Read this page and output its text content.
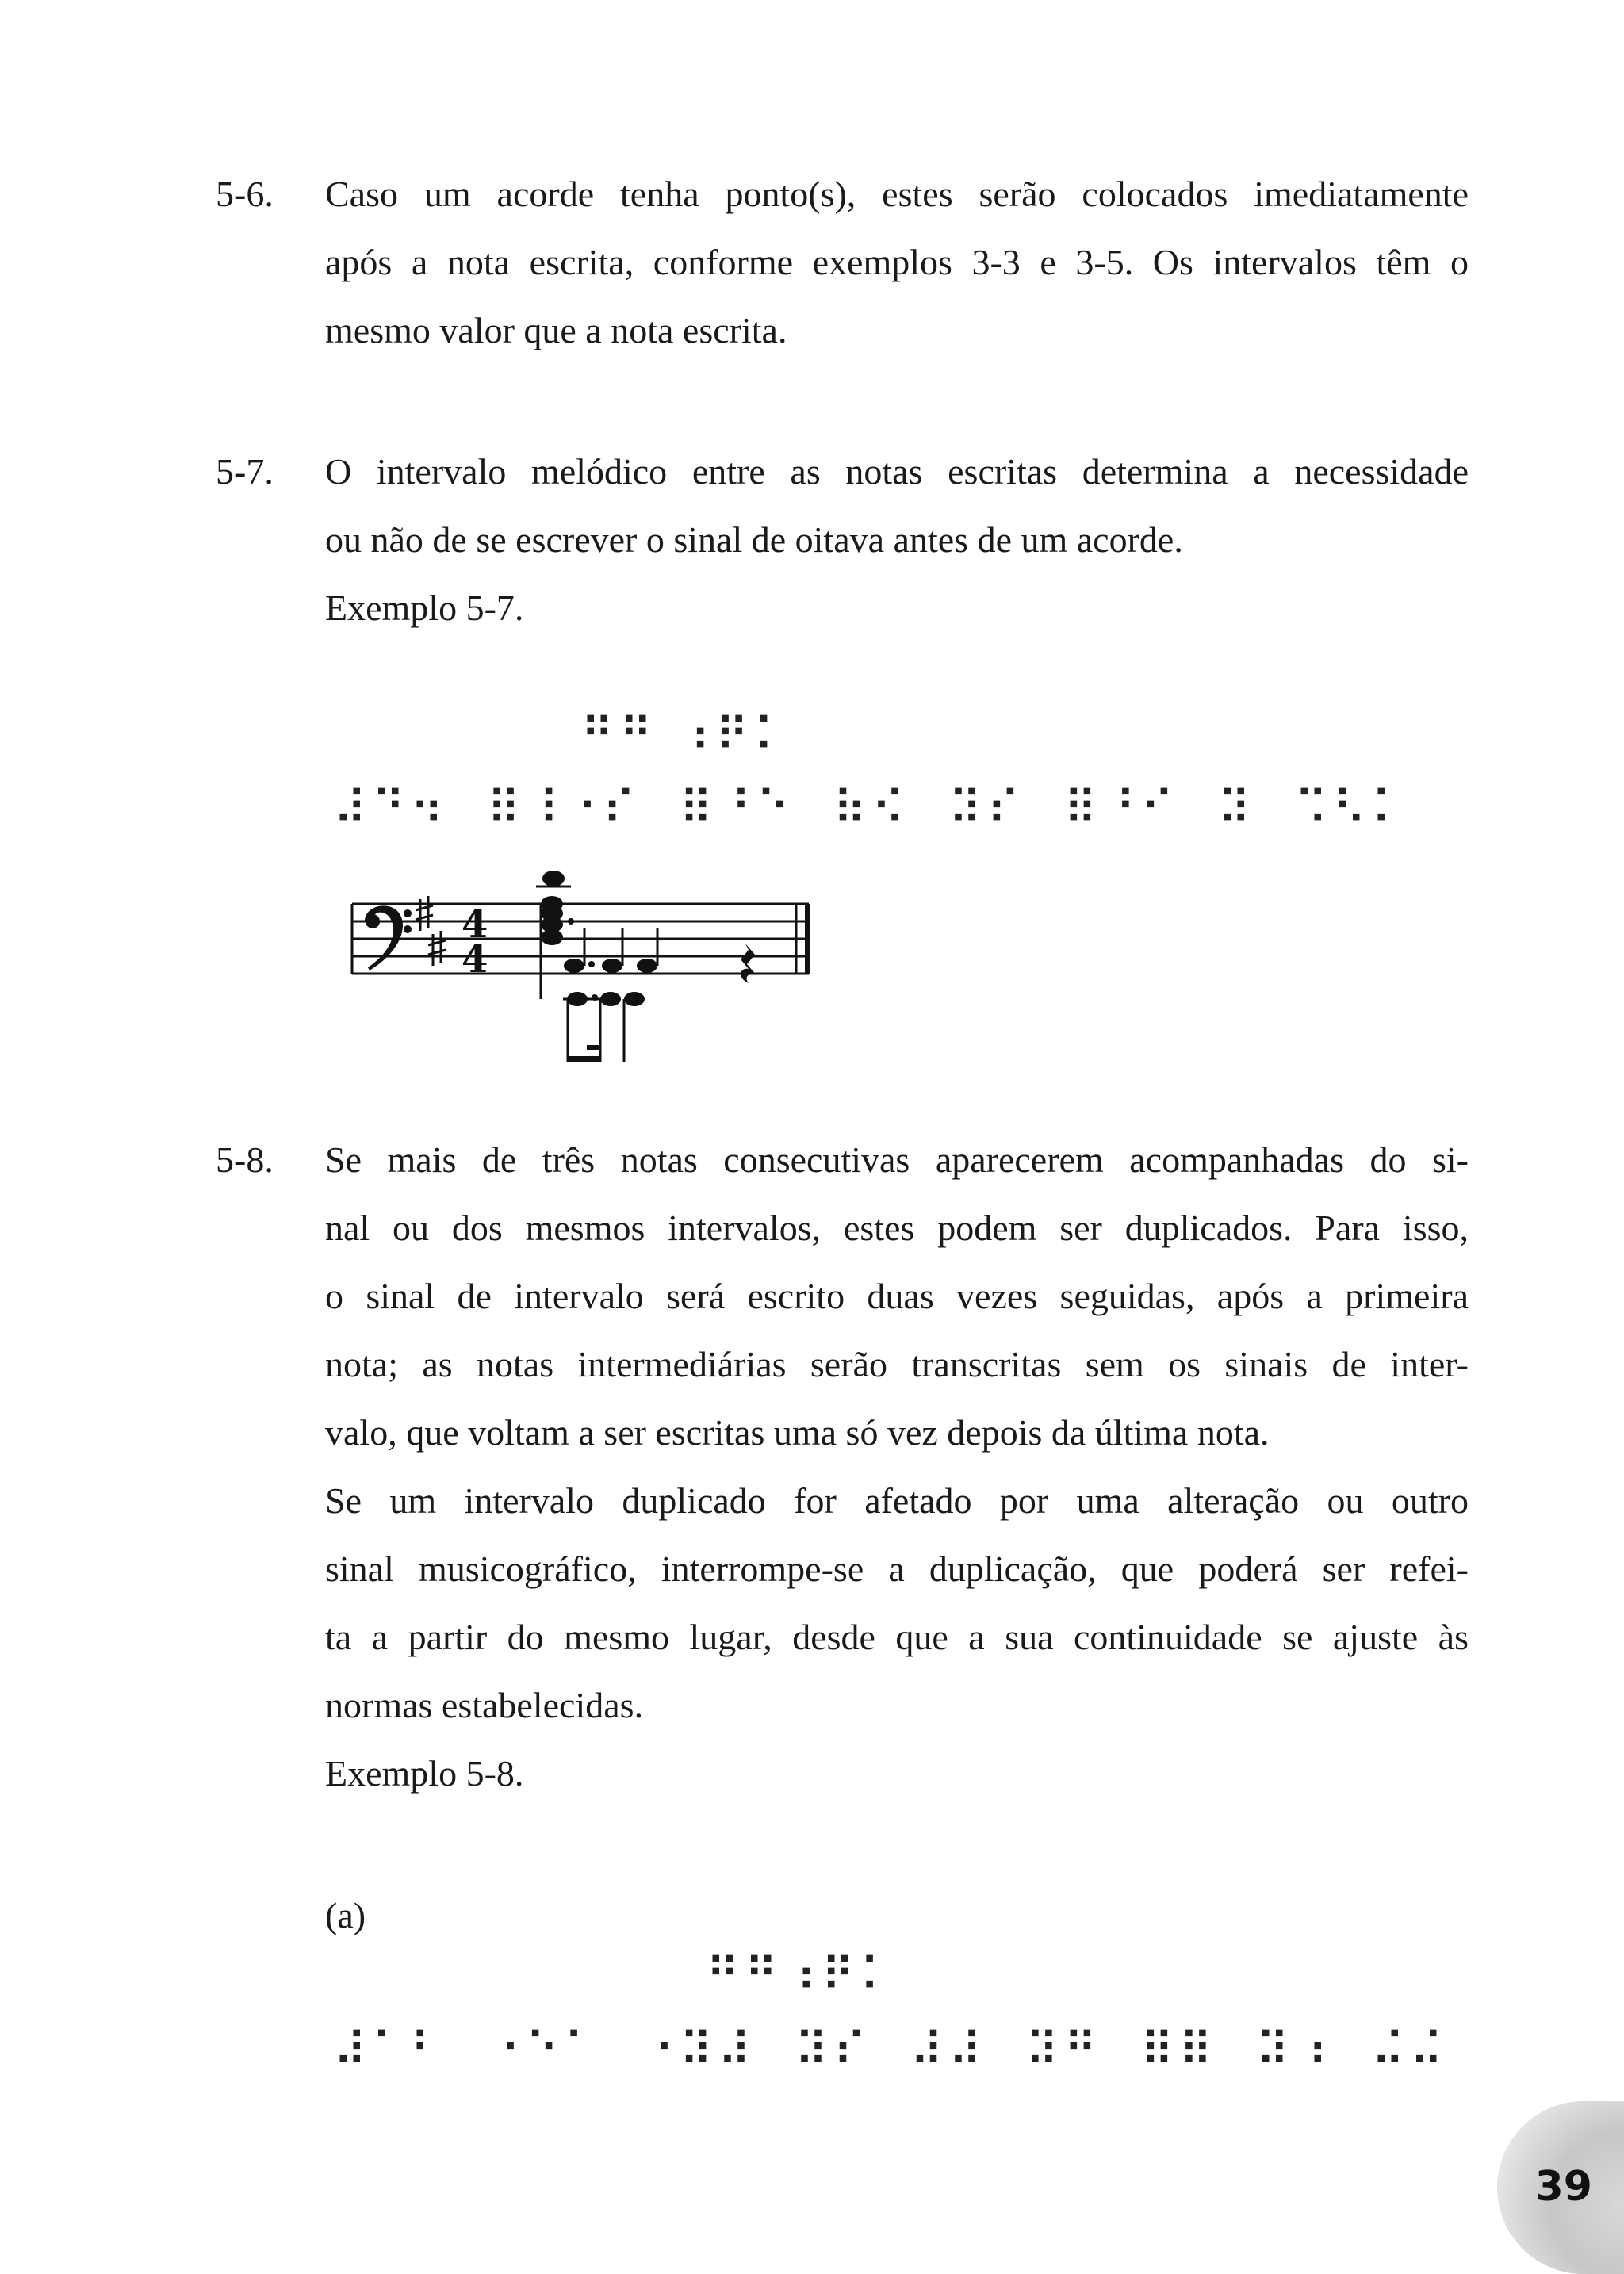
5-6. Caso um acorde tenha ponto(s), estes serão colocados imediatamente
após a nota escrita, conforme exemplos 3-3 e 3-5. Os intervalos têm o
mesmo valor que a nota escrita.
5-7. O intervalo melódico entre as notas escritas determina a necessidade
ou não de se escrever o sinal de oitava antes de um acorde.
Exemplo 5-7.
⠛⠛ ⠰⠟⠅
⠼⠙⠲⠀⠿⠸⠐⠎⠀⠿⠘⠑⠀⠷⠪⠀⠽⠎⠀⠿⠘⠊⠀⠽⠀⠩⠣⠅
4
4
5-8. Se mais de três notas consecutivas aparecerem acompanhadas do si-
nal ou dos mesmos intervalos, estes podem ser duplicados. Para isso,
o sinal de intervalo será escrito duas vezes seguidas, após a primeira
nota; as notas intermediárias serão transcritas sem os sinais de inter-
valo, que voltam a ser escritas uma só vez depois da última nota.
Se um intervalo duplicado for afetado por uma alteração ou outro
sinal musicográfico, interrompe-se a duplicação, que poderá ser refei-
ta a partir do mesmo lugar, desde que a sua continuidade se ajuste às
normas estabelecidas.
Exemplo 5-8.
(a)
⠛⠛⠰⠟⠅
⠼⠁⠃⠀⠐⠑⠁⠀⠐⠽⠼⠀⠽⠎⠀⠼⠼⠀⠽⠛⠀⠿⠿⠀⠽⠰⠀⠬⠬
39
